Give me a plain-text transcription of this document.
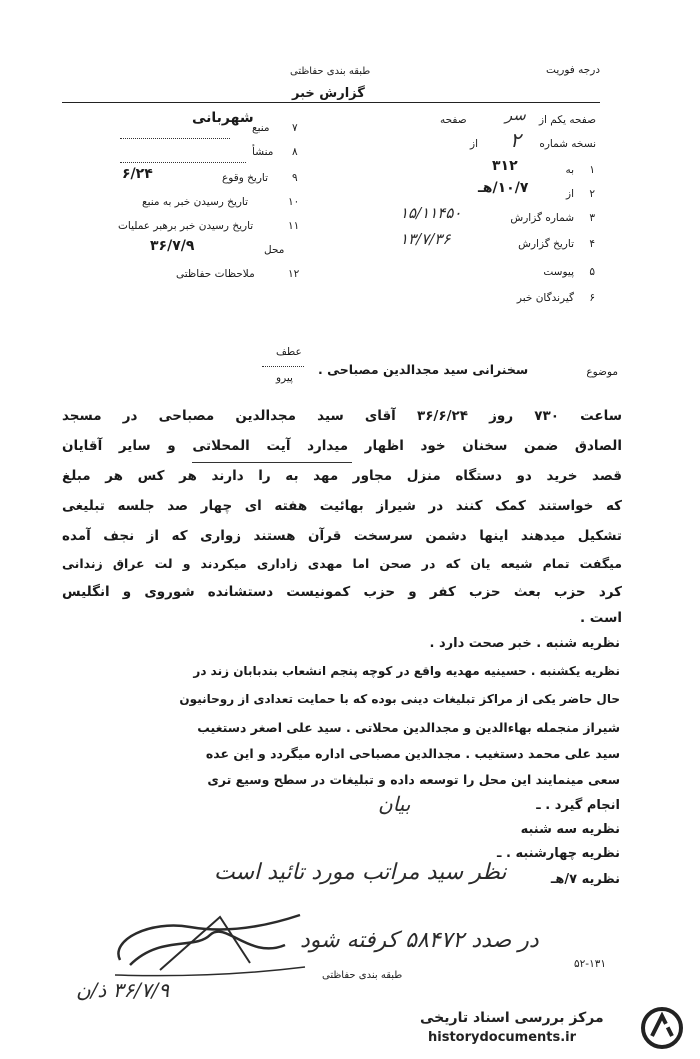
درجه فوریت
طبقه بندی حفاظتی
گزارش خبر
صفحه یکم از
ﺳﺮ
صفحه
نسخه شماره
۲
از
۷
منبع
شهربانی
۸
منشأ
۹
تاریخ وقوع
۶/۲۴
۱۰
تاریخ رسیدن خبر به منبع
۱۱
تاریخ رسیدن خبر برهبر عملیات
محل
۳۶/۷/۹
۱۲
ملاحظات حفاظتی
۱
به
۳۱۲
۲
از
۱۰/۷/هـ
۳
شماره گزارش
۱۵/۱۱۴۵۰
۴
تاریخ گزارش
۱۳/۷/۳۶
۵
پیوست
۶
گیرندگان خبر
عطف
پیرو	موضوع
سخنرانی سید مجدالدین مصباحی .
ساعت ۷۳۰ روز ۳۶/۶/۲۴ آقای سید مجدالدین مصباحی در مسجد
الصادق ضمن سخنان خود اظهار میدارد آیت المحلاتی و سایر آقایان
قصد خرید دو دستگاه منزل مجاور مهد به را دارند هر کس هر مبلغ
که خواستند کمک کنند در شیراز بهائیت هفته ای چهار صد جلسه تبلیغی
تشکیل میدهند اینها دشمن سرسخت قرآن هستند زواری که از نجف آمده
میگفت تمام شیعه یان که در صحن اما مهدی زاداری میکردند و لت عراق زندانی
کرد حزب بعث حزب کفر و حزب کمونیست دستشانده شوروی و انگلیس
است .
نظریه شنبه . خبر صحت دارد .
نظریه یکشنبه . حسینیه مهدیه واقع در کوچه پنجم انشعاب بندبابان زند در
حال حاضر یکی از مراکز تبلیغات دینی بوده که با حمایت تعدادی از روحانیون
شیراز منجمله بهاءالدین و مجدالدین محلاتی . سید علی اصغر دستغیب
سید علی محمد دستغیب . مجدالدین مصباحی اداره میگردد و این عده
سعی مینمایند این محل را توسعه داده و تبلیغات در سطح وسیع تری
انجام گیرد . ـ
بیان
نظریه سه شنبه
نظریه چهارشنبه . ـ
نظریه ۷/هـ
نظر سید مراتب مورد تائید است
در صدد ۵۸۴۷۲ کرفته شود
طبقه بندی حفاظتی
۵۲-۱۳۱
۳۶/۷/۹ ذ/ن
مرکز بررسی اسناد تاریخی
historydocuments.ir
